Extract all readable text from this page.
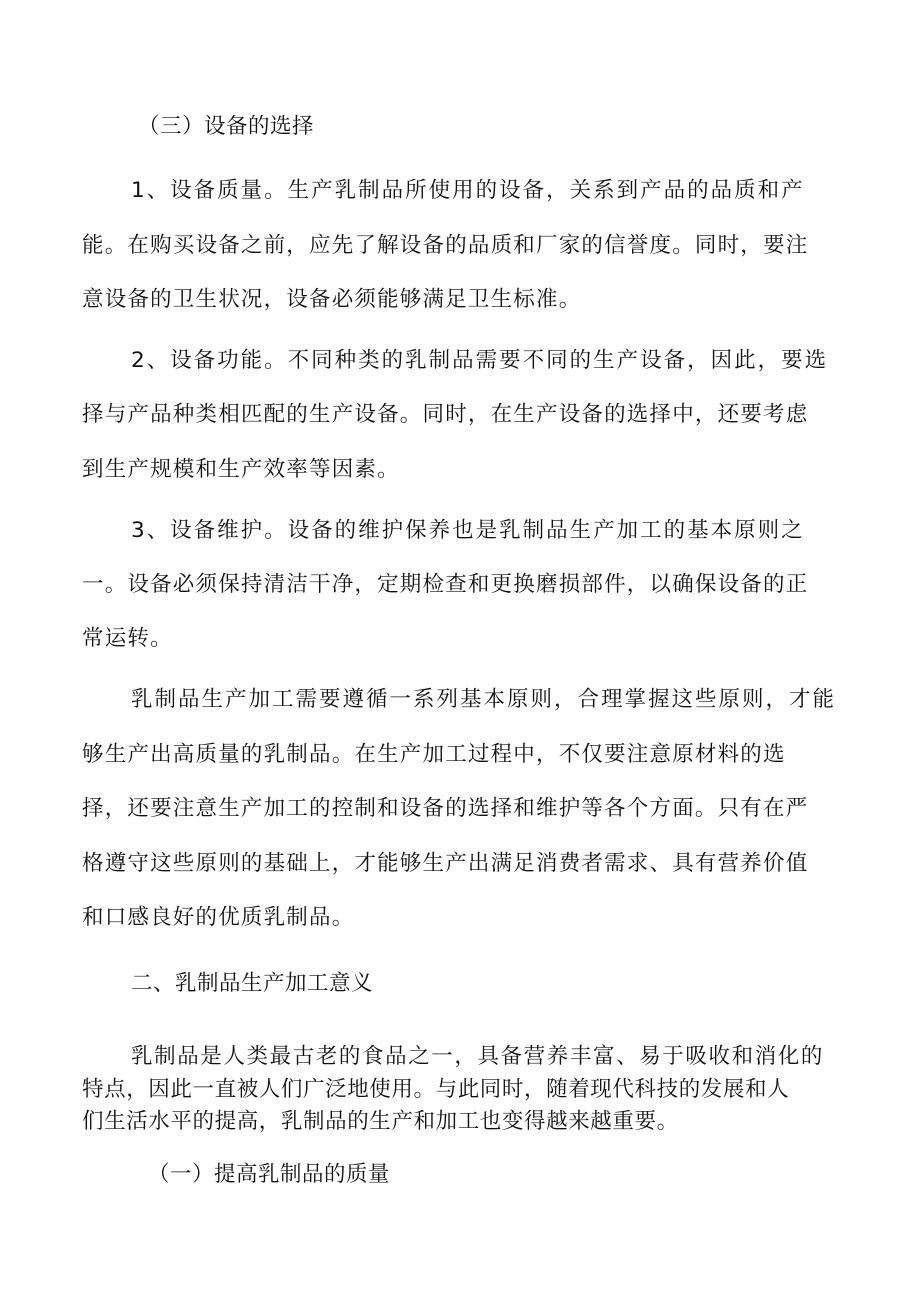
（三）设备的选择
1、设备质量。生产乳制品所使用的设备，关系到产品的品质和产
能。在购买设备之前，应先了解设备的品质和厂家的信誉度。同时，要注
意设备的卫生状况，设备必须能够满足卫生标准。
2、设备功能。不同种类的乳制品需要不同的生产设备，因此，要选
择与产品种类相匹配的生产设备。同时，在生产设备的选择中，还要考虑
到生产规模和生产效率等因素。
3、设备维护。设备的维护保养也是乳制品生产加工的基本原则之
一。设备必须保持清洁干净，定期检查和更换磨损部件，以确保设备的正
常运转。
乳制品生产加工需要遵循一系列基本原则，合理掌握这些原则，才能
够生产出高质量的乳制品。在生产加工过程中，不仅要注意原材料的选
择，还要注意生产加工的控制和设备的选择和维护等各个方面。只有在严
格遵守这些原则的基础上，才能够生产出满足消费者需求、具有营养价值
和口感良好的优质乳制品。
二、乳制品生产加工意义
乳制品是人类最古老的食品之一，具备营养丰富、易于吸收和消化的
特点，因此一直被人们广泛地使用。与此同时，随着现代科技的发展和人
们生活水平的提高，乳制品的生产和加工也变得越来越重要。
（一）提高乳制品的质量
